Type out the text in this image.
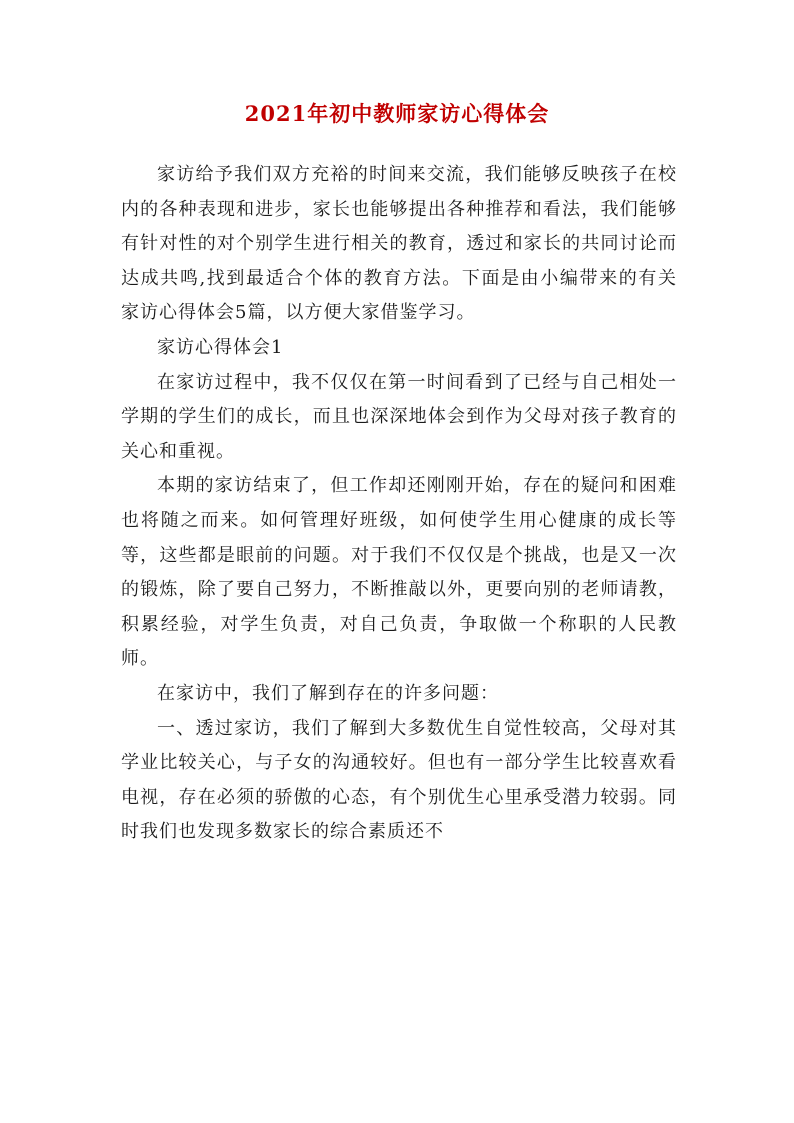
2021年初中教师家访心得体会

家访给予我们双方充裕的时间来交流，我们能够反映孩子在校内的各种表现和进步，家长也能够提出各种推荐和看法，我们能够有针对性的对个别学生进行相关的教育，透过和家长的共同讨论而达成共鸣,找到最适合个体的教育方法。下面是由小编带来的有关家访心得体会5篇，以方便大家借鉴学习。

家访心得体会1

在家访过程中，我不仅仅在第一时间看到了已经与自己相处一学期的学生们的成长，而且也深深地体会到作为父母对孩子教育的关心和重视。

本期的家访结束了，但工作却还刚刚开始，存在的疑问和困难也将随之而来。如何管理好班级，如何使学生用心健康的成长等等，这些都是眼前的问题。对于我们不仅仅是个挑战，也是又一次的锻炼，除了要自己努力，不断推敲以外，更要向别的老师请教，积累经验，对学生负责，对自己负责，争取做一个称职的人民教师。

在家访中，我们了解到存在的许多问题：

一、透过家访，我们了解到大多数优生自觉性较高，父母对其学业比较关心，与子女的沟通较好。但也有一部分学生比较喜欢看电视，存在必须的骄傲的心态，有个别优生心里承受潜力较弱。同时我们也发现多数家长的综合素质还不
